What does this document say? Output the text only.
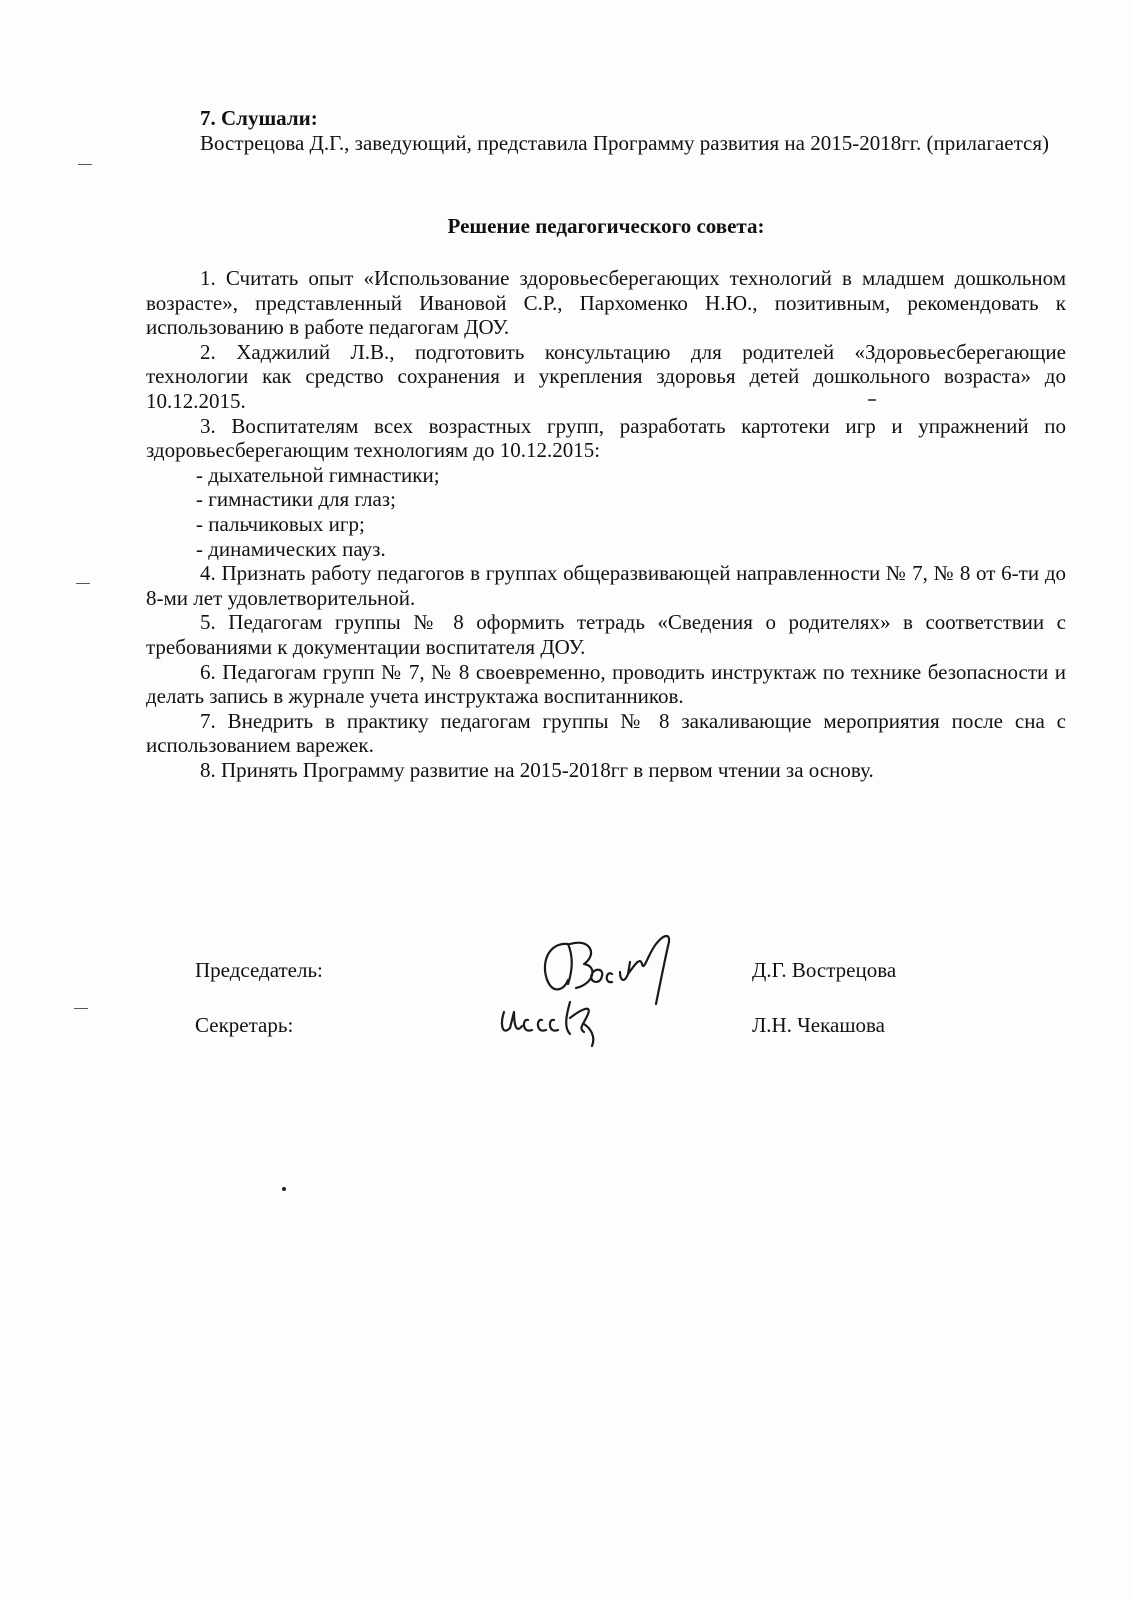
7. Слушали:
Вострецова Д.Г., заведующий, представила Программу развития на 2015-2018гг. (прилагается)
Решение педагогического совета:
1. Считать опыт «Использование здоровьесберегающих технологий в младшем дошкольном возрасте», представленный Ивановой С.Р., Пархоменко Н.Ю., позитивным, рекомендовать к использованию в работе педагогам ДОУ.
2. Хаджилий Л.В., подготовить консультацию для родителей «Здоровьесберегающие технологии как средство сохранения и укрепления здоровья детей дошкольного возраста» до 10.12.2015.
3. Воспитателям всех возрастных групп, разработать картотеки игр и упражнений по здоровьесберегающим технологиям до 10.12.2015:
- дыхательной гимнастики;
- гимнастики для глаз;
- пальчиковых игр;
- динамических пауз.
4. Признать работу педагогов в группах общеразвивающей направленности № 7, № 8 от 6-ти до 8-ми лет удовлетворительной.
5. Педагогам группы № 8 оформить тетрадь «Сведения о родителях» в соответствии с требованиями к документации воспитателя ДОУ.
6. Педагогам групп № 7, № 8 своевременно, проводить инструктаж по технике безопасности и делать запись в журнале учета инструктажа воспитанников.
7. Внедрить в практику педагогам группы № 8 закаливающие мероприятия после сна с использованием варежек.
8. Принять Программу развитие на 2015-2018гг в первом чтении за основу.
Председатель:	Д.Г. Вострецова
Секретарь:	Л.Н. Чекашова
